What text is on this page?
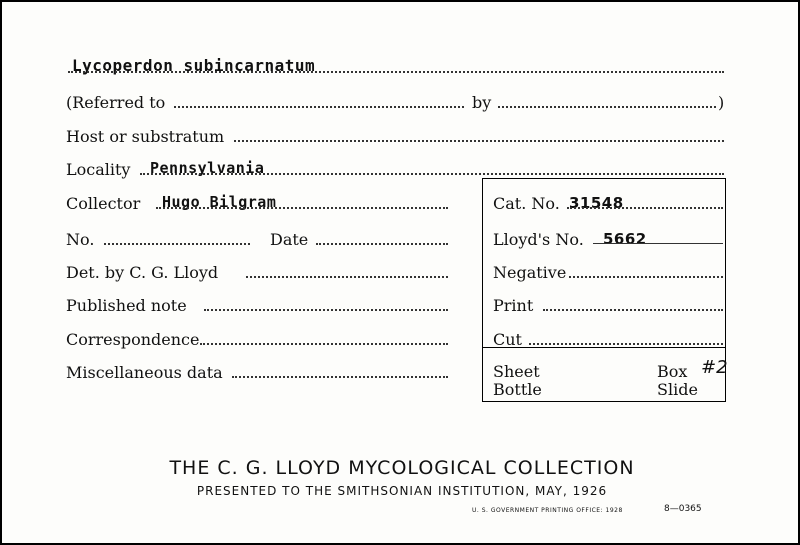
Lycoperdon subincarnatum
(Referred to	by	)
Host or substratum
Locality Pennsylvania
Collector Hugo Bilgram
No.	Date
Det. by C. G. Lloyd
Published note
Correspondence
Miscellaneous data
Cat. No. 31548
Lloyd's No. 5662
Negative
Print
Cut
Sheet	Box #2
Bottle	Slide
THE C. G. LLOYD MYCOLOGICAL COLLECTION
PRESENTED TO THE SMITHSONIAN INSTITUTION, MAY, 1926
U. S. GOVERNMENT PRINTING OFFICE: 1928	8—0365
